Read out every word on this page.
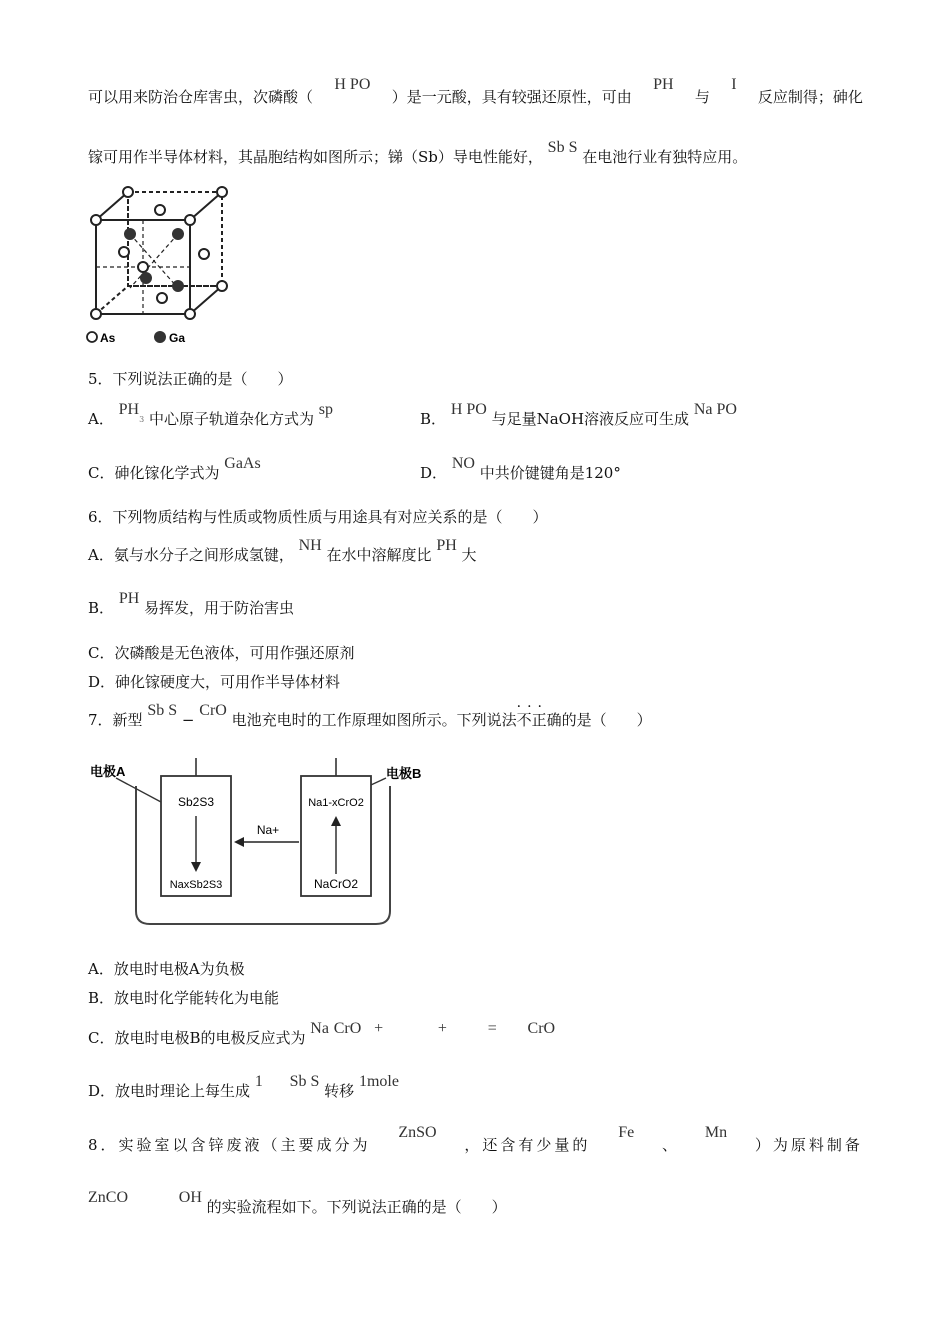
可以用来防治仓库害虫，次磷酸（
H PO
）是一元酸，具有较强还原性，可由
PH
与
I
反应制得；砷化
镓可用作半导体材料，其晶胞结构如图所示；锑（Sb）导电性能好， Sb S 在电池行业有独特应用。
As	Ga
5．下列说法正确的是（　　）
A． PH3 中心原子轨道杂化方式为 sp
B． H PO 与足量NaOH溶液反应可生成 Na PO
C．砷化镓化学式为 GaAs
D． NO 中共价键键角是120°
6．下列物质结构与性质或物质性质与用途具有对应关系的是（　　）
A．氨与水分子之间形成氢键， NH 在水中溶解度比 PH 大
B． PH 易挥发，用于防治害虫
C．次磷酸是无色液体，可用作强还原剂
D．砷化镓硬度大，可用作半导体材料
7．新型 Sb S − CrO 电池充电时的工作原理如图所示。下列说法··· 不正确的是（　　）
电极A	电极B
Sb2S3
NaxSb2S3
Na1-xCrO2
NaCrO2
Na+
A．放电时电极A为负极
B．放电时化学能转化为电能
C．放电时电极B的电极反应式为 Na CrO +	+	= CrO
D．放电时理论上每生成 1 Sb S 转移 1mole
8．实验室以含锌废液（主要成分为
ZnSO
，还含有少量的
Fe
、
Mn
）为原料制备
ZnCO	OH 的实验流程如下。下列说法正确的是（　　）
